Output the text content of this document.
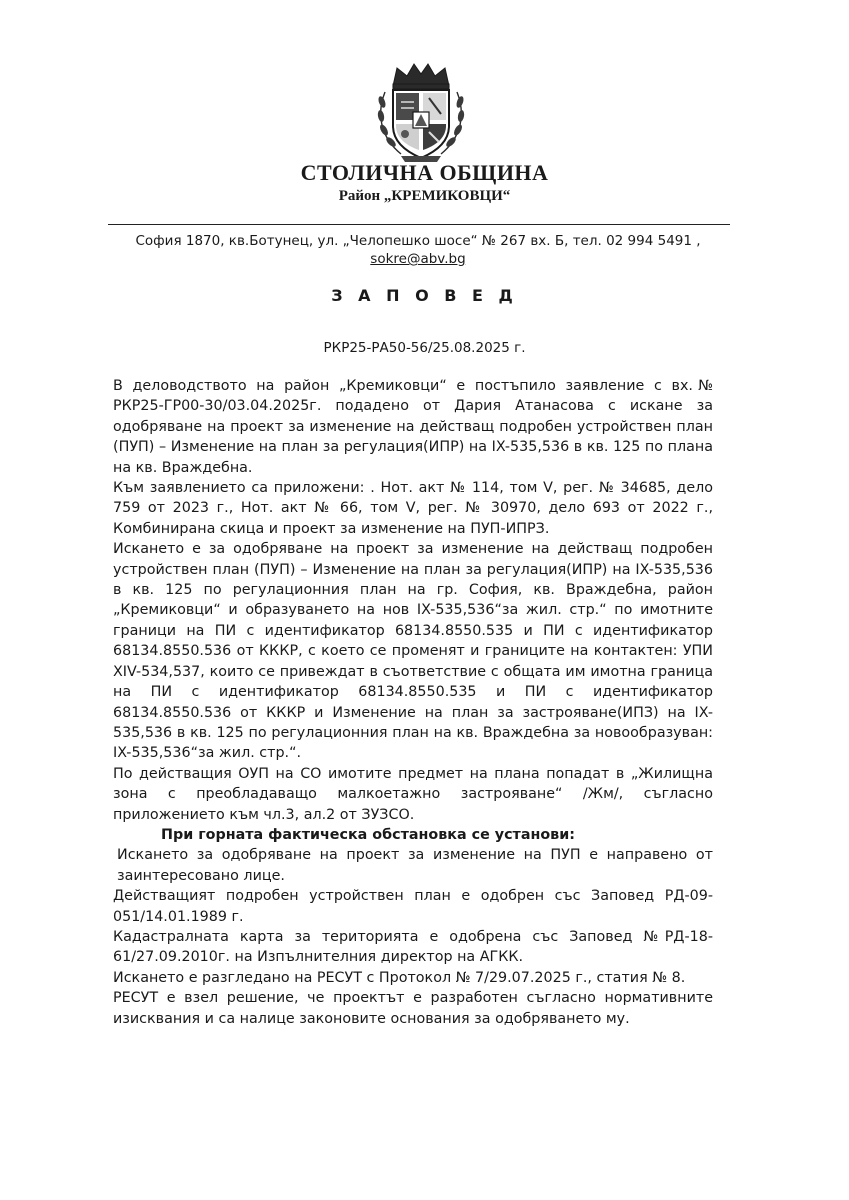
СТОЛИЧНА ОБЩИНА
Район „КРЕМИКОВЦИ“
София 1870, кв.Ботунец, ул. „Челопешко шосе“ № 267 вх. Б, тел. 02 994 5491 ,
sokre@abv.bg
З А П О В Е Д
РКР25-РА50-56/25.08.2025 г.

В деловодството на район „Кремиковци“ е постъпило заявление с вх.№ РКР25-ГР00-30/03.04.2025г. подадено от Дария Атанасова с искане за одобряване на проект за изменение на действащ подробен устройствен план (ПУП) – Изменение на план за регулация(ИПР) на IX-535,536 в кв. 125 по плана на кв. Враждебна.

Към заявлението са приложени: . Нот. акт № 114, том V, рег. № 34685, дело 759 от 2023 г., Нот. акт № 66, том V, рег. № 30970, дело 693 от 2022 г., Комбинирана скица и проект за изменение на ПУП-ИПРЗ.

Искането е за одобряване на проект за изменение на действащ подробен устройствен план (ПУП) – Изменение на план за регулация(ИПР) на IX-535,536 в кв. 125 по регулационния план на гр. София, кв. Враждебна, район „Кремиковци“ и образуването на нов IX-535,536“за жил. стр.“ по имотните граници на ПИ с идентификатор 68134.8550.535 и ПИ с идентификатор 68134.8550.536 от КККР, с което се променят и границите на контактен: УПИ XIV-534,537, които се привеждат в съответствие с общата им имотна граница на ПИ с идентификатор 68134.8550.535 и ПИ с идентификатор 68134.8550.536 от КККР и Изменение на план за застрояване(ИПЗ) на IX-535,536 в кв. 125 по регулационния план на кв. Враждебна за новообразуван: IX-535,536“за жил. стр.“.

По действащия ОУП на СО имотите предмет на плана попадат в „Жилищна зона с преобладаващо малкоетажно застрояване“ /Жм/, съгласно приложението към чл.3, ал.2 от ЗУЗСО.

При горната фактическа обстановка се установи:

Искането за одобряване на проект за изменение на ПУП е направено от заинтересовано лице.

Действащият подробен устройствен план е одобрен със Заповед РД-09-051/14.01.1989 г.

Кадастралната карта за територията е одобрена със Заповед №РД-18-61/27.09.2010г. на Изпълнителния директор на АГКК.

Искането е разгледано на РЕСУТ с Протокол № 7/29.07.2025 г., статия № 8.

РЕСУТ е взел решение, че проектът е разработен съгласно нормативните изисквания и са налице законовите основания за одобряването му.
